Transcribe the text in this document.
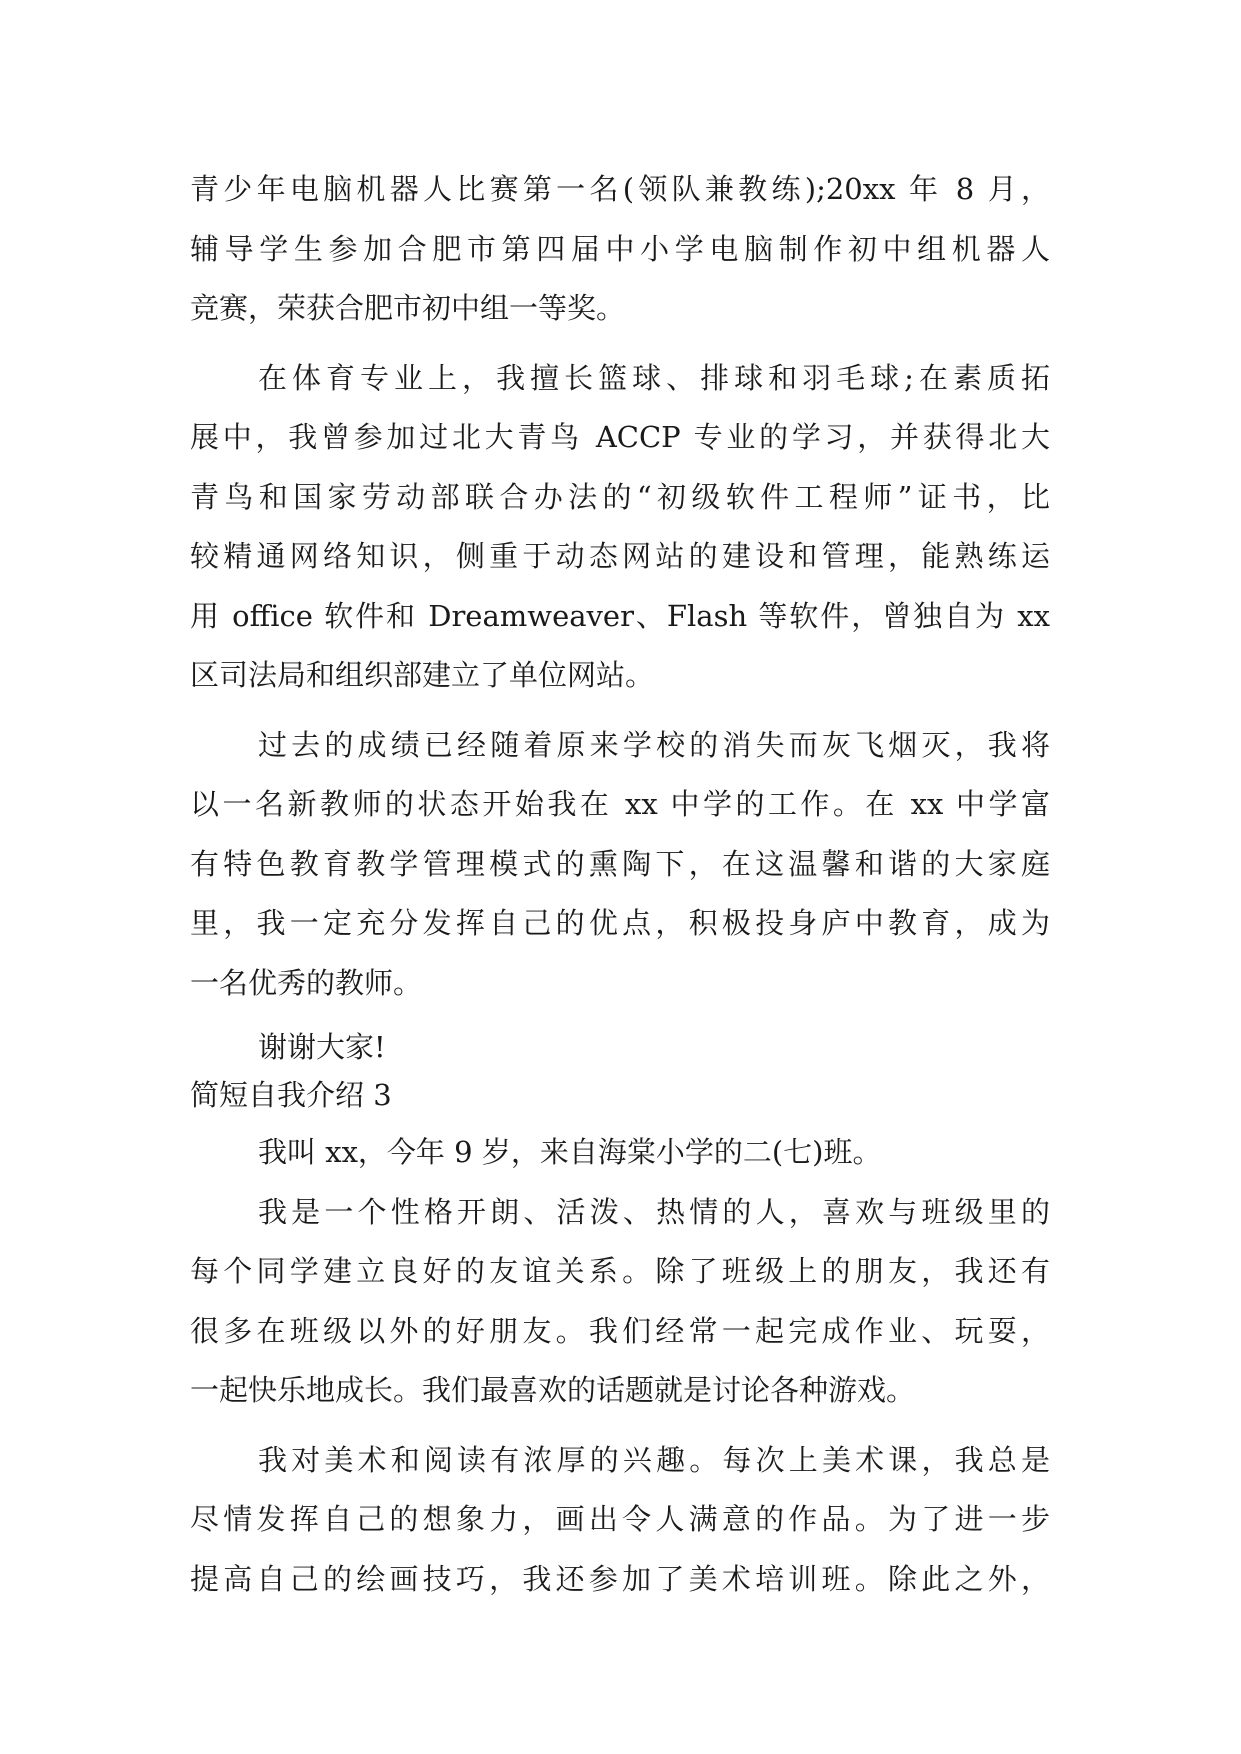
青少年电脑机器人比赛第一名(领队兼教练);20xx 年 8 月，
辅导学生参加合肥市第四届中小学电脑制作初中组机器人
竞赛，荣获合肥市初中组一等奖。
在体育专业上，我擅长篮球、排球和羽毛球;在素质拓
展中，我曾参加过北大青鸟 ACCP 专业的学习，并获得北大
青鸟和国家劳动部联合办法的“初级软件工程师”证书，比
较精通网络知识，侧重于动态网站的建设和管理，能熟练运
用 office 软件和 Dreamweaver、Flash 等软件，曾独自为 xx
区司法局和组织部建立了单位网站。
过去的成绩已经随着原来学校的消失而灰飞烟灭，我将
以一名新教师的状态开始我在 xx 中学的工作。在 xx 中学富
有特色教育教学管理模式的熏陶下，在这温馨和谐的大家庭
里，我一定充分发挥自己的优点，积极投身庐中教育，成为
一名优秀的教师。
谢谢大家!
简短自我介绍 3
我叫 xx，今年 9 岁，来自海棠小学的二(七)班。
我是一个性格开朗、活泼、热情的人，喜欢与班级里的
每个同学建立良好的友谊关系。除了班级上的朋友，我还有
很多在班级以外的好朋友。我们经常一起完成作业、玩耍，
一起快乐地成长。我们最喜欢的话题就是讨论各种游戏。
我对美术和阅读有浓厚的兴趣。每次上美术课，我总是
尽情发挥自己的想象力，画出令人满意的作品。为了进一步
提高自己的绘画技巧，我还参加了美术培训班。除此之外，
